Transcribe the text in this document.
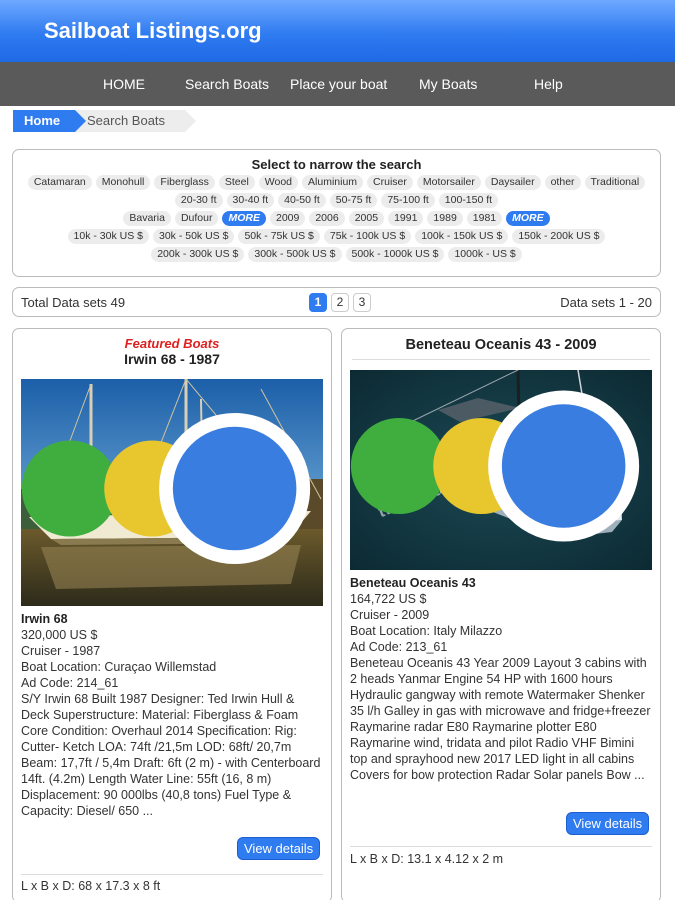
Sailboat Listings.org
HOME	Search Boats Place your boat My Boats	Help
Home	Search Boats
Select to narrow the search
Catamaran	Monohull	Fiberglass	Steel	Wood	Aluminium	Cruiser	Motorsailer	Daysailer	other	Traditional
20-30 ft	30-40 ft	40-50 ft	50-75 ft	75-100 ft	100-150 ft
Bavaria	Dufour	MORE	2009	2006	2005	1991	1989	1981	MORE
10k - 30k US $	30k - 50k US $	50k - 75k US $	75k - 100k US $	100k - 150k US $	150k - 200k US $
200k - 300k US $	300k - 500k US $	500k - 1000k US $	1000k - US $
Total Data sets 49	1	2	3	Data sets 1 - 20
Featured Boats
Irwin 68 - 1987
Irwin 68
320,000 US $
Cruiser - 1987
Boat Location: Curaçao Willemstad
Ad Code: 214_61
S/Y Irwin 68 Built 1987 Designer: Ted Irwin Hull & Deck Superstructure: Material: Fiberglass & Foam Core Condition: Overhaul 2014 Specification: Rig: Cutter- Ketch LOA: 74ft /21,5m LOD: 68ft/ 20,7m Beam: 17,7ft / 5,4m Draft: 6ft (2 m) - with Centerboard 14ft. (4.2m) Length Water Line: 55ft (16, 8 m) Displacement: 90 000lbs (40,8 tons) Fuel Type & Capacity: Diesel/ 650 ...
View details
L x B x D: 68 x 17.3 x 8 ft
Beneteau Oceanis 43 - 2009
Beneteau Oceanis 43
164,722 US $
Cruiser - 2009
Boat Location: Italy Milazzo
Ad Code: 213_61
Beneteau Oceanis 43 Year 2009 Layout 3 cabins with 2 heads Yanmar Engine 54 HP with 1600 hours Hydraulic gangway with remote Watermaker Shenker 35 l/h Galley in gas with microwave and fridge+freezer Raymarine radar E80 Raymarine plotter E80 Raymarine wind, tridata and pilot Radio VHF Bimini top and sprayhood new 2017 LED light in all cabins Covers for bow protection Radar Solar panels Bow ...
View details
L x B x D: 13.1 x 4.12 x 2 m
